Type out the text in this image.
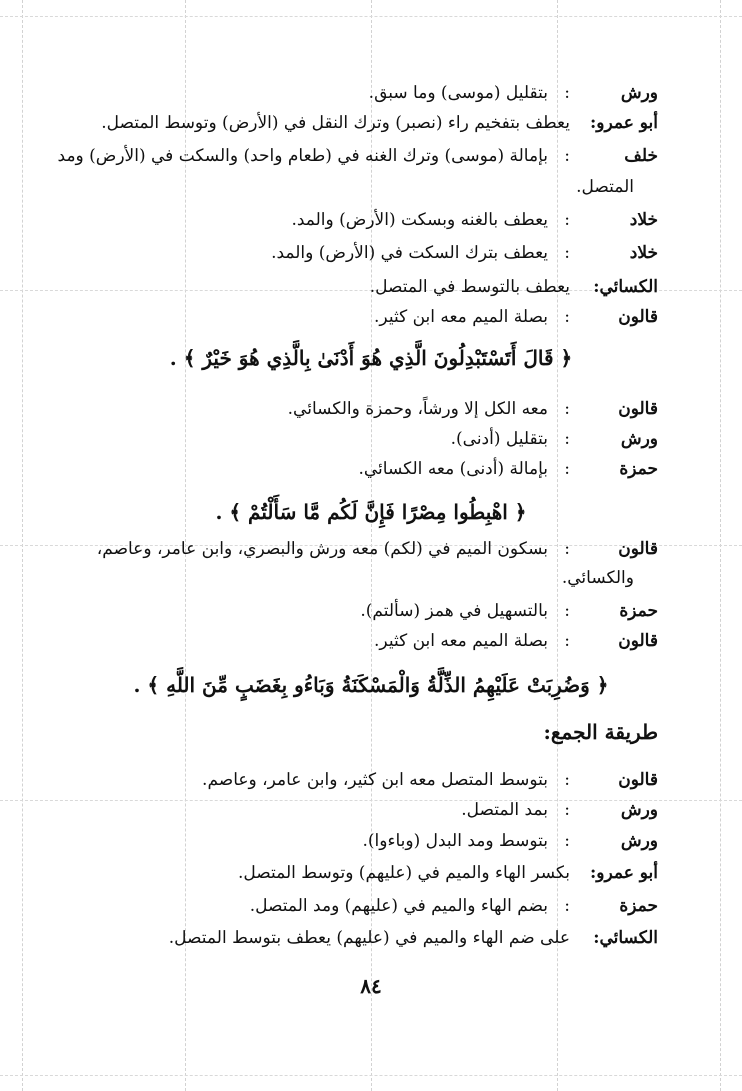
ورش
:
بتقليل (موسى) وما سبق.
أبو عمرو:
يعطف بتفخيم راء (نصبر) وترك النقل في (الأرض) وتوسط المتصل.
خلف
:
بإمالة (موسى) وترك الغنه في (طعام واحد) والسكت في (الأرض) ومد
المتصل.
خلاد
:
يعطف بالغنه وبسكت (الأرض) والمد.
خلاد
:
يعطف بترك السكت في (الأرض) والمد.
الكسائي:
يعطف بالتوسط في المتصل.
قالون
:
بصلة الميم معه ابن كثير.
﴿ قَالَ أَتَسْتَبْدِلُونَ الَّذِي هُوَ أَدْنَىٰ بِالَّذِي هُوَ خَيْرٌ ﴾ .
قالون
:
معه الكل إلا ورشاً، وحمزة والكسائي.
ورش
:
بتقليل (أدنى).
حمزة
:
بإمالة (أدنى) معه الكسائي.
﴿ اهْبِطُوا مِصْرًا فَإِنَّ لَكُم مَّا سَأَلْتُمْ ﴾ .
قالون
:
بسكون الميم في (لكم) معه ورش والبصري، وابن عامر، وعاصم،
والكسائي.
حمزة
:
بالتسهيل في همز (سألتم).
قالون
:
بصلة الميم معه ابن كثير.
﴿ وَضُرِبَتْ عَلَيْهِمُ الذِّلَّةُ وَالْمَسْكَنَةُ وَبَاءُو بِغَضَبٍ مِّنَ اللَّهِ ﴾ .
طريقة الجمع:
قالون
:
بتوسط المتصل معه ابن كثير، وابن عامر، وعاصم.
ورش
:
بمد المتصل.
ورش
:
بتوسط ومد البدل (وباءوا).
أبو عمرو:
بكسر الهاء والميم في (عليهم) وتوسط المتصل.
حمزة
:
بضم الهاء والميم في (عليهم) ومد المتصل.
الكسائي:
على ضم الهاء والميم في (عليهم) يعطف بتوسط المتصل.
٨٤
